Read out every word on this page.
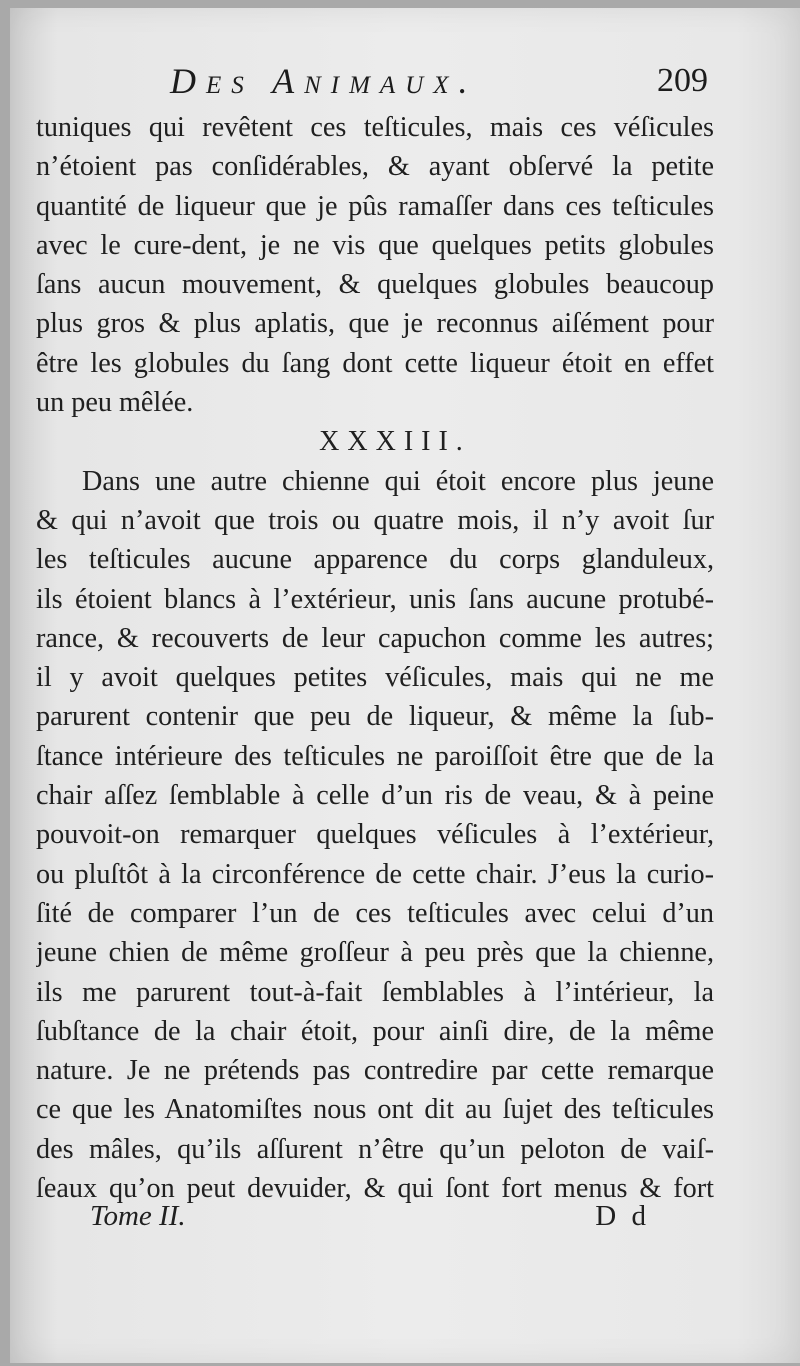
Des Animaux.	209
tuniques qui revêtent ces teſticules, mais ces véſicules
n’étoient pas conſidérables, & ayant obſervé la petite
quantité de liqueur que je pûs ramaſſer dans ces teſticules
avec le cure-dent, je ne vis que quelques petits globules
ſans aucun mouvement, & quelques globules beaucoup
plus gros & plus aplatis, que je reconnus aiſément pour
être les globules du ſang dont cette liqueur étoit en effet
un peu mêlée.
XXXIII.
Dans une autre chienne qui étoit encore plus jeune
& qui n’avoit que trois ou quatre mois, il n’y avoit ſur
les teſticules aucune apparence du corps glanduleux,
ils étoient blancs à l’extérieur, unis ſans aucune protubé-
rance, & recouverts de leur capuchon comme les autres;
il y avoit quelques petites véſicules, mais qui ne me
parurent contenir que peu de liqueur, & même la ſub-
ſtance intérieure des teſticules ne paroiſſoit être que de la
chair aſſez ſemblable à celle d’un ris de veau, & à peine
pouvoit-on remarquer quelques véſicules à l’extérieur,
ou pluſtôt à la circonférence de cette chair. J’eus la curio-
ſité de comparer l’un de ces teſticules avec celui d’un
jeune chien de même groſſeur à peu près que la chienne,
ils me parurent tout-à-fait ſemblables à l’intérieur, la
ſubſtance de la chair étoit, pour ainſi dire, de la même
nature. Je ne prétends pas contredire par cette remarque
ce que les Anatomiſtes nous ont dit au ſujet des teſticules
des mâles, qu’ils aſſurent n’être qu’un peloton de vaiſ-
ſeaux qu’on peut devuider, & qui ſont fort menus & fort
Tome II.	D d
